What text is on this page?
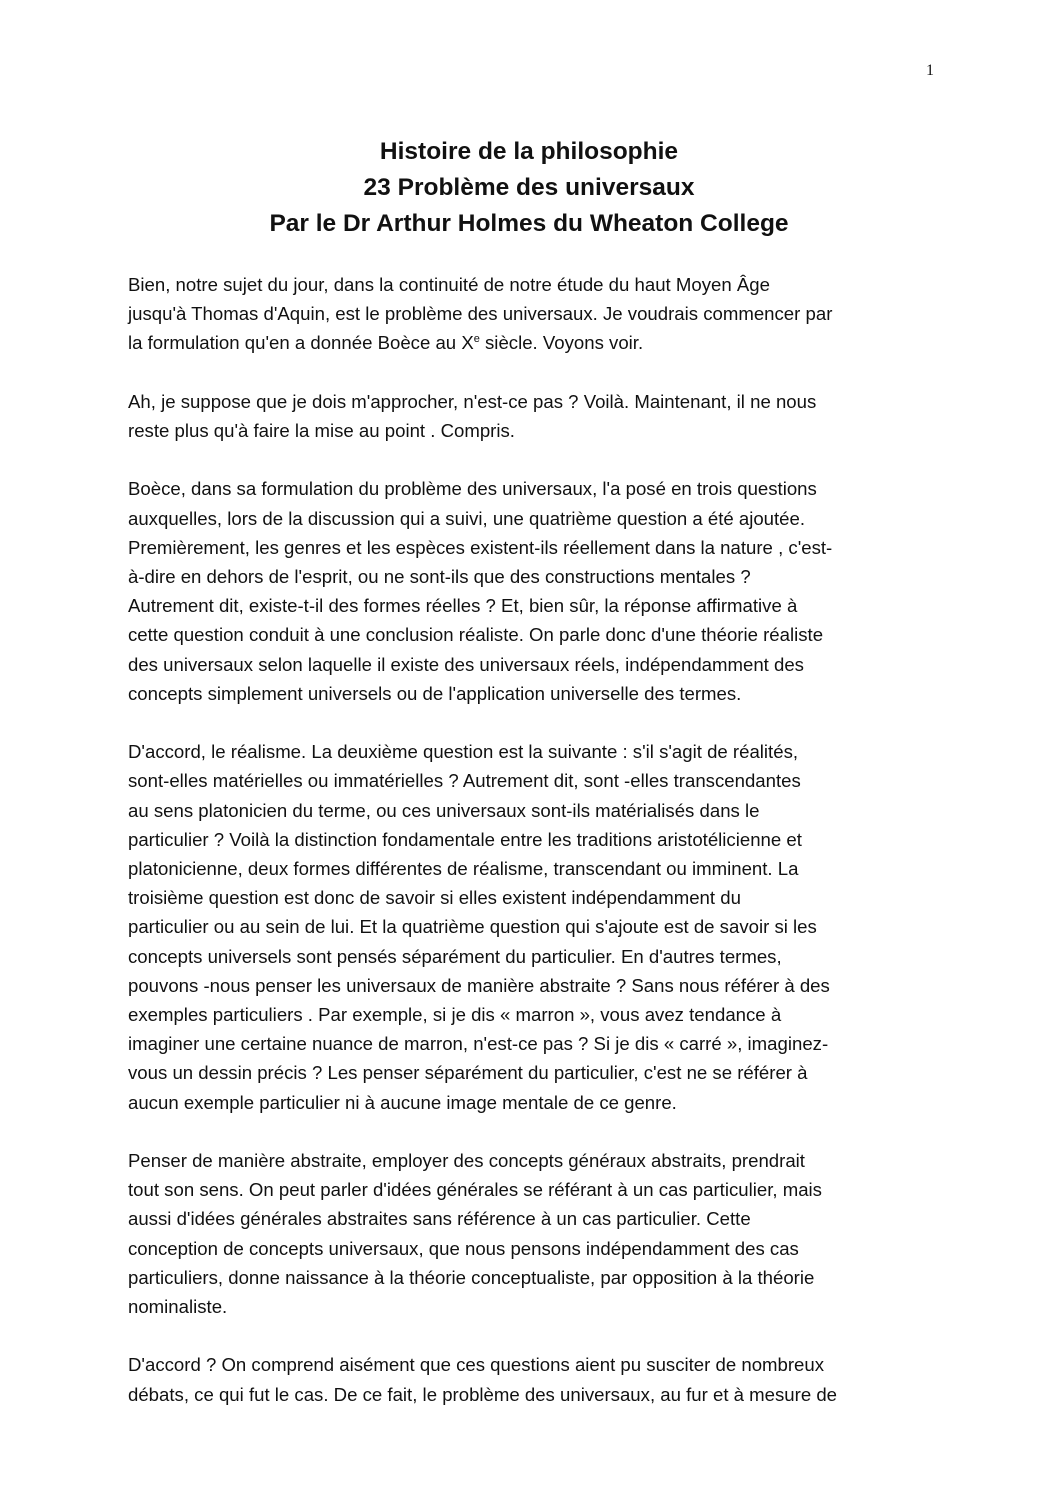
1
Histoire de la philosophie
23 Problème des universaux
Par le Dr Arthur Holmes du Wheaton College

Bien, notre sujet du jour, dans la continuité de notre étude du haut Moyen Âge
jusqu'à Thomas d'Aquin, est le problème des universaux. Je voudrais commencer par
la formulation qu'en a donnée Boèce au Xe siècle. Voyons voir.

Ah, je suppose que je dois m'approcher, n'est-ce pas ? Voilà. Maintenant, il ne nous
reste plus qu'à faire la mise au point . Compris.

Boèce, dans sa formulation du problème des universaux, l'a posé en trois questions
auxquelles, lors de la discussion qui a suivi, une quatrième question a été ajoutée.
Premièrement, les genres et les espèces existent-ils réellement dans la nature , c'est-
à-dire en dehors de l'esprit, ou ne sont-ils que des constructions mentales ?
Autrement dit, existe-t-il des formes réelles ? Et, bien sûr, la réponse affirmative à
cette question conduit à une conclusion réaliste. On parle donc d'une théorie réaliste
des universaux selon laquelle il existe des universaux réels, indépendamment des
concepts simplement universels ou de l'application universelle des termes.

D'accord, le réalisme. La deuxième question est la suivante : s'il s'agit de réalités,
sont-elles matérielles ou immatérielles ? Autrement dit, sont -elles transcendantes
au sens platonicien du terme, ou ces universaux sont-ils matérialisés dans le
particulier ? Voilà la distinction fondamentale entre les traditions aristotélicienne et
platonicienne, deux formes différentes de réalisme, transcendant ou imminent. La
troisième question est donc de savoir si elles existent indépendamment du
particulier ou au sein de lui. Et la quatrième question qui s'ajoute est de savoir si les
concepts universels sont pensés séparément du particulier. En d'autres termes,
pouvons -nous penser les universaux de manière abstraite ? Sans nous référer à des
exemples particuliers . Par exemple, si je dis « marron », vous avez tendance à
imaginer une certaine nuance de marron, n'est-ce pas ? Si je dis « carré », imaginez-
vous un dessin précis ? Les penser séparément du particulier, c'est ne se référer à
aucun exemple particulier ni à aucune image mentale de ce genre.

Penser de manière abstraite, employer des concepts généraux abstraits, prendrait
tout son sens. On peut parler d'idées générales se référant à un cas particulier, mais
aussi d'idées générales abstraites sans référence à un cas particulier. Cette
conception de concepts universaux, que nous pensons indépendamment des cas
particuliers, donne naissance à la théorie conceptualiste, par opposition à la théorie
nominaliste.

D'accord ? On comprend aisément que ces questions aient pu susciter de nombreux
débats, ce qui fut le cas. De ce fait, le problème des universaux, au fur et à mesure de
